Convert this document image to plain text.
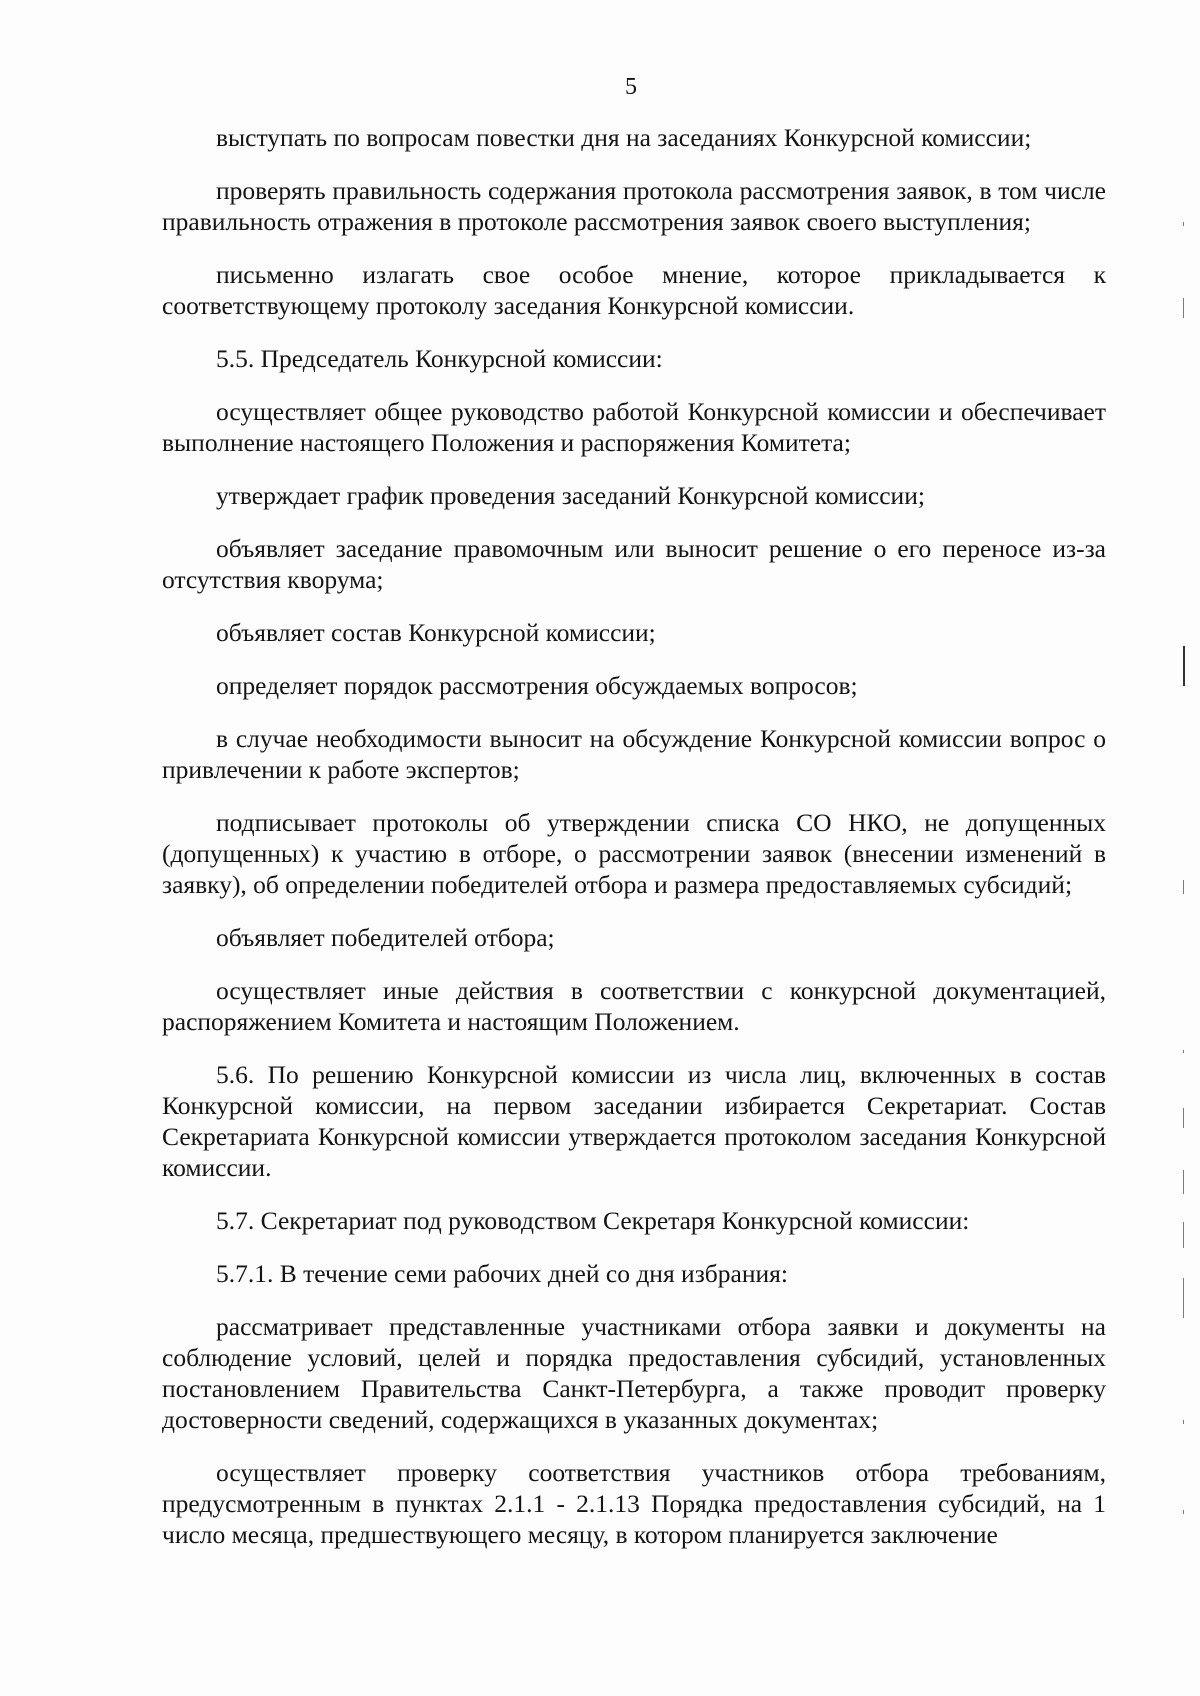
5

выступать по вопросам повестки дня на заседаниях Конкурсной комиссии;

проверять правильность содержания протокола рассмотрения заявок, в том числе правильность отражения в протоколе рассмотрения заявок своего выступления;

письменно излагать свое особое мнение, которое прикладывается к соответствующему протоколу заседания Конкурсной комиссии.

5.5. Председатель Конкурсной комиссии:

осуществляет общее руководство работой Конкурсной комиссии и обеспечивает выполнение настоящего Положения и распоряжения Комитета;

утверждает график проведения заседаний Конкурсной комиссии;

объявляет заседание правомочным или выносит решение о его переносе из-за отсутствия кворума;

объявляет состав Конкурсной комиссии;

определяет порядок рассмотрения обсуждаемых вопросов;

в случае необходимости выносит на обсуждение Конкурсной комиссии вопрос о привлечении к работе экспертов;

подписывает протоколы об утверждении списка СО НКО, не допущенных (допущенных) к участию в отборе, о рассмотрении заявок (внесении изменений в заявку), об определении победителей отбора и размера предоставляемых субсидий;

объявляет победителей отбора;

осуществляет иные действия в соответствии с конкурсной документацией, распоряжением Комитета и настоящим Положением.

5.6. По решению Конкурсной комиссии из числа лиц, включенных в состав Конкурсной комиссии, на первом заседании избирается Секретариат. Состав Секретариата Конкурсной комиссии утверждается протоколом заседания Конкурсной комиссии.

5.7. Секретариат под руководством Секретаря Конкурсной комиссии:

5.7.1. В течение семи рабочих дней со дня избрания:

рассматривает представленные участниками отбора заявки и документы на соблюдение условий, целей и порядка предоставления субсидий, установленных постановлением Правительства Санкт-Петербурга, а также проводит проверку достоверности сведений, содержащихся в указанных документах;

осуществляет проверку соответствия участников отбора требованиям, предусмотренным в пунктах 2.1.1 - 2.1.13 Порядка предоставления субсидий, на 1 число месяца, предшествующего месяцу, в котором планируется заключение
